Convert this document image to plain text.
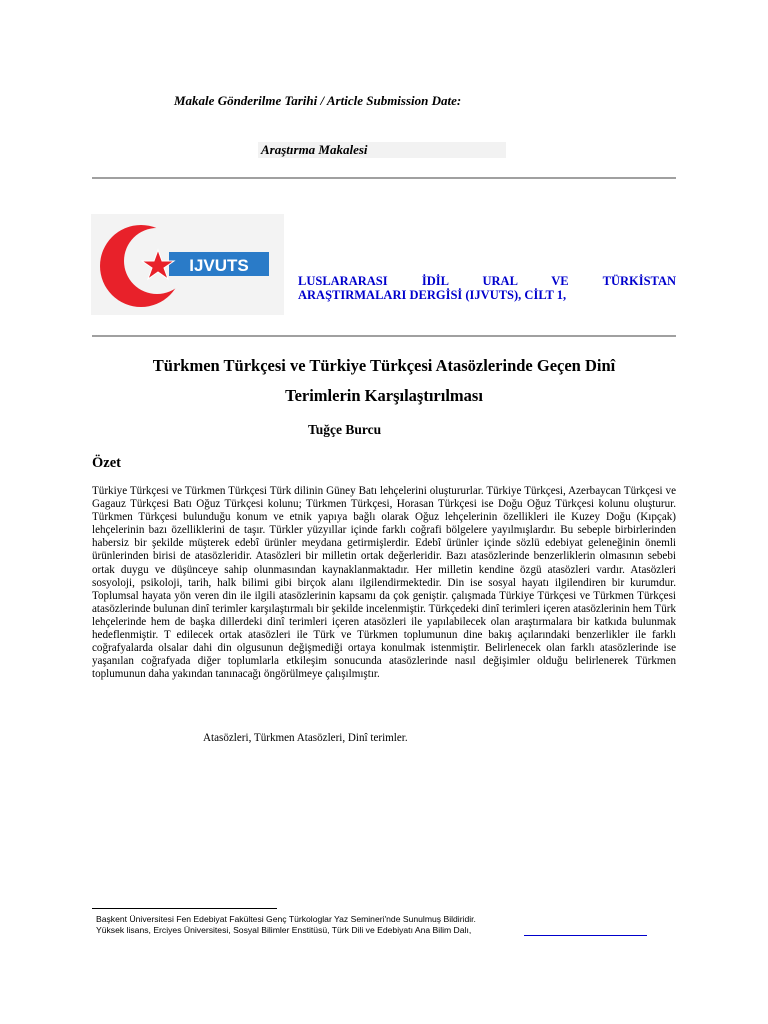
Makale Gönderilme Tarihi / Article Submission Date:
Araştırma Makalesi
IJVUTS
LUSLARARASI İDİL URAL VE TÜRKİSTAN
ARAŞTIRMALARI DERGİSİ (IJVUTS), CİLT 1,
Türkmen Türkçesi ve Türkiye Türkçesi Atasözlerinde Geçen Dinî
Terimlerin Karşılaştırılması
Tuğçe Burcu
Özet
Türkiye Türkçesi ve Türkmen Türkçesi Türk dilinin Güney Batı lehçelerini oluştururlar. Türkiye Türkçesi, Azerbaycan Türkçesi ve Gagauz Türkçesi Batı Oğuz Türkçesi kolunu; Türkmen Türkçesi, Horasan Türkçesi ise Doğu Oğuz Türkçesi kolunu oluşturur. Türkmen Türkçesi bulunduğu konum ve etnik yapıya bağlı olarak Oğuz lehçelerinin özellikleri ile Kuzey Doğu (Kıpçak) lehçelerinin bazı özelliklerini de taşır. Türkler yüzyıllar içinde farklı coğrafi bölgelere yayılmışlardır. Bu sebeple birbirlerinden habersiz bir şekilde müşterek edebî ürünler meydana getirmişlerdir. Edebî ürünler içinde sözlü edebiyat geleneğinin önemli ürünlerinden birisi de atasözleridir. Atasözleri bir milletin ortak değerleridir. Bazı atasözlerinde benzerliklerin olmasının sebebi ortak duygu ve düşünceye sahip olunmasından kaynaklanmaktadır. Her milletin kendine özgü atasözleri vardır. Atasözleri sosyoloji, psikoloji, tarih, halk bilimi gibi birçok alanı ilgilendirmektedir. Din ise sosyal hayatı ilgilendiren bir kurumdur. Toplumsal hayata yön veren din ile ilgili atasözlerinin kapsamı da çok geniştir. çalışmada Türkiye Türkçesi ve Türkmen Türkçesi atasözlerinde bulunan dinî terimler karşılaştırmalı bir şekilde incelenmiştir. Türkçedeki dinî terimleri içeren atasözlerinin hem Türk lehçelerinde hem de başka dillerdeki dinî terimleri içeren atasözleri ile yapılabilecek olan araştırmalara bir katkıda bulunmak hedeflenmiştir. T edilecek ortak atasözleri ile Türk ve Türkmen toplumunun dine bakış açılarındaki benzerlikler ile farklı coğrafyalarda olsalar dahi din olgusunun değişmediği ortaya konulmak istenmiştir. Belirlenecek olan farklı atasözlerinde ise yaşanılan coğrafyada diğer toplumlarla etkileşim sonucunda atasözlerinde nasıl değişimler olduğu belirlenerek Türkmen toplumunun daha yakından tanınacağı öngörülmeye çalışılmıştır.
Atasözleri, Türkmen Atasözleri, Dinî terimler.
Başkent Üniversitesi Fen Edebiyat Fakültesi Genç Türkologlar Yaz Semineri'nde Sunulmuş Bildiridir.
Yüksek lisans, Erciyes Üniversitesi, Sosyal Bilimler Enstitüsü, Türk Dili ve Edebiyatı Ana Bilim Dalı,
